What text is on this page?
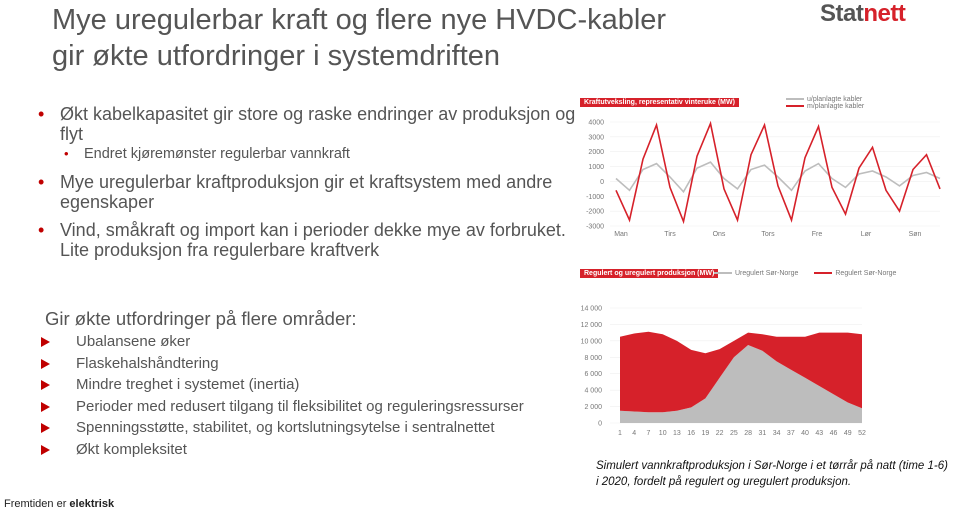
Mye uregulerbar kraft og flere nye HVDC-kabler
gir økte utfordringer i systemdriften
Statnett
• Økt kabelkapasitet gir store og raske endringer av produksjon og flyt
• Endret kjøremønster regulerbar vannkraft
• Mye uregulerbar kraftproduksjon gir et kraftsystem med andre egenskaper
• Vind, småkraft og import kan i perioder dekke mye av forbruket. Lite produksjon fra regulerbare kraftverk
Gir økte utfordringer på flere områder:
Ubalansene øker
Flaskehalshåndtering
Mindre treghet i systemet (inertia)
Perioder med redusert tilgang til fleksibilitet og reguleringsressurser
Spenningsstøtte, stabilitet, og kortslutningsytelse i sentralnettet
Økt kompleksitet
Fremtiden er elektrisk
Kraftutveksling, representativ vinteruke (MW)	u/planlagte kabler
m/planlagte kabler
4000
3000
2000
1000
0
-1000
-2000
-3000
Man	Tirs	Ons	Tors	Fre	Lør	Søn
Regulert og uregulert produksjon (MW)	Uregulert Sør-Norge	Regulert Sør-Norge
14 000
12 000
10 000
8 000
6 000
4 000
2 000
0
1 4 7 10 13 16 19 22 25 28 31 34 37 40 43 46 49 52
Simulert vannkraftproduksjon i Sør-Norge i et tørrår på natt (time 1-6) i 2020, fordelt på regulert og uregulert produksjon.
